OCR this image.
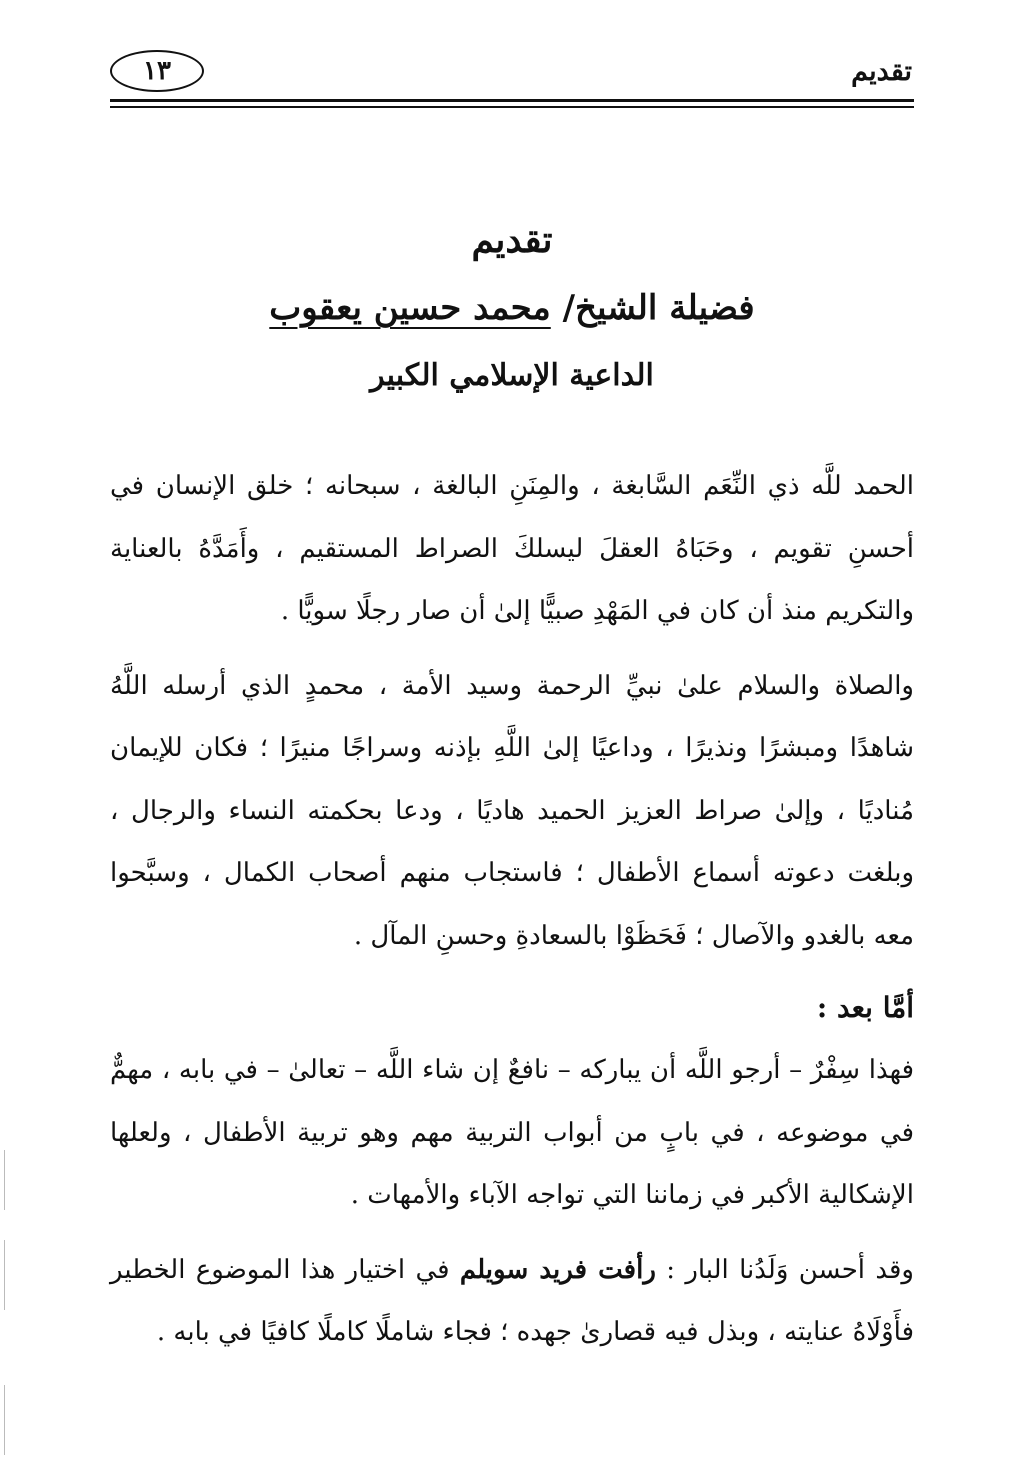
تقديم
١٣
تقديم
فضيلة الشيخ/ محمد حسين يعقوب
الداعية الإسلامي الكبير

الحمد للَّه ذي النِّعَم السَّابغة ، والمِنَنِ البالغة ، سبحانه ؛ خلق الإنسان في أحسنِ تقويم ، وحَبَاهُ العقلَ ليسلكَ الصراط المستقيم ، وأَمَدَّهُ بالعناية والتكريم منذ أن كان في المَهْدِ صبيًّا إلىٰ أن صار رجلًا سويًّا .

والصلاة والسلام علىٰ نبيِّ الرحمة وسيد الأمة ، محمدٍ الذي أرسله اللَّهُ شاهدًا ومبشرًا ونذيرًا ، وداعيًا إلىٰ اللَّهِ بإذنه وسراجًا منيرًا ؛ فكان للإيمان مُناديًا ، وإلىٰ صراط العزيز الحميد هاديًا ، ودعا بحكمته النساء والرجال ، وبلغت دعوته أسماع الأطفال ؛ فاستجاب منهم أصحاب الكمال ، وسبَّحوا معه بالغدو والآصال ؛ فَحَظَوْا بالسعادةِ وحسنِ المآل .

أمَّا بعد :

فهذا سِفْرٌ – أرجو اللَّه أن يباركه – نافعٌ إن شاء اللَّه – تعالىٰ – في بابه ، مهمٌّ في موضوعه ، في بابٍ من أبواب التربية مهم وهو تربية الأطفال ، ولعلها الإشكالية الأكبر في زماننا التي تواجه الآباء والأمهات .

وقد أحسن وَلَدُنا البار : رأفت فريد سويلم في اختيار هذا الموضوع الخطير فأَوْلَاهُ عنايته ، وبذل فيه قصارىٰ جهده ؛ فجاء شاملًا كاملًا كافيًا في بابه .
